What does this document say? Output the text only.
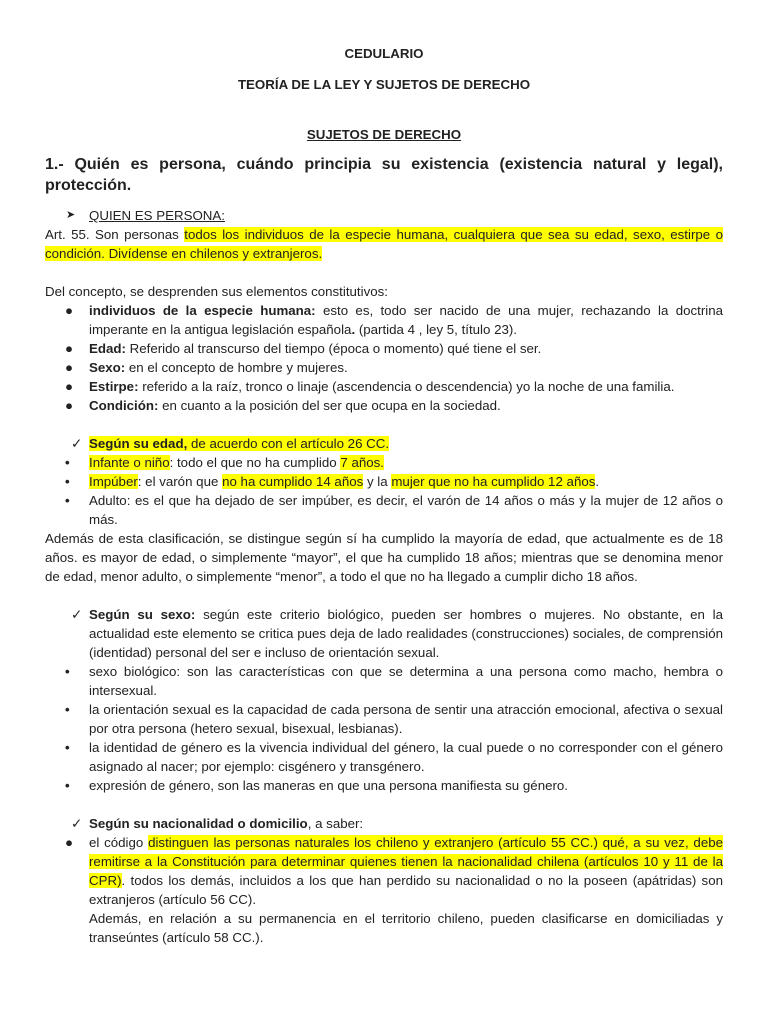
CEDULARIO
TEORÍA DE LA LEY Y SUJETOS DE DERECHO
SUJETOS DE DERECHO
1.- Quién es persona, cuándo principia su existencia (existencia natural y legal), protección.
➤	QUIEN ES PERSONA:

Art. 55. Son personas todos los individuos de la especie humana, cualquiera que sea su edad, sexo, estirpe o condición. Divídense en chilenos y extranjeros.

Del concepto, se desprenden sus elementos constitutivos:

●	individuos de la especie humana: esto es, todo ser nacido de una mujer, rechazando la doctrina imperante en la antigua legislación española. (partida 4 , ley 5, título 23).
●	Edad: Referido al transcurso del tiempo (época o momento) qué tiene el ser.
●	Sexo: en el concepto de hombre y mujeres.
●	Estirpe: referido a la raíz, tronco o linaje (ascendencia o descendencia) yo la noche de una familia.
●	Condición: en cuanto a la posición del ser que ocupa en la sociedad.
✓ Según su edad, de acuerdo con el artículo 26 CC.
•	Infante o niño: todo el que no ha cumplido 7 años.
•	Impúber: el varón que no ha cumplido 14 años y la mujer que no ha cumplido 12 años.
•	Adulto: es el que ha dejado de ser impúber, es decir, el varón de 14 años o más y la mujer de 12 años o más.

Además de esta clasificación, se distingue según sí ha cumplido la mayoría de edad, que actualmente es de 18 años. es mayor de edad, o simplemente “mayor”, el que ha cumplido 18 años; mientras que se denomina menor de edad, menor adulto, o simplemente “menor”, a todo el que no ha llegado a cumplir dicho 18 años.

✓ Según su sexo: según este criterio biológico, pueden ser hombres o mujeres. No obstante, en la actualidad este elemento se critica pues deja de lado realidades (construcciones) sociales, de comprensión (identidad) personal del ser e incluso de orientación sexual.
•	sexo biológico: son las características con que se determina a una persona como macho, hembra o intersexual.
•	la orientación sexual es la capacidad de cada persona de sentir una atracción emocional, afectiva o sexual por otra persona (hetero sexual, bisexual, lesbianas).
•	la identidad de género es la vivencia individual del género, la cual puede o no corresponder con el género asignado al nacer; por ejemplo: cisgénero y transgénero.
•	expresión de género, son las maneras en que una persona manifiesta su género.
✓ Según su nacionalidad o domicilio, a saber:
●	el código distinguen las personas naturales los chileno y extranjero (artículo 55 CC.) qué, a su vez, debe remitirse a la Constitución para determinar quienes tienen la nacionalidad chilena (artículos 10 y 11 de la CPR). todos los demás, incluidos a los que han perdido su nacionalidad o no la poseen (apátridas) son extranjeros (artículo 56 CC).
Además, en relación a su permanencia en el territorio chileno, pueden clasificarse en domiciliadas y transeúntes (artículo 58 CC.).
